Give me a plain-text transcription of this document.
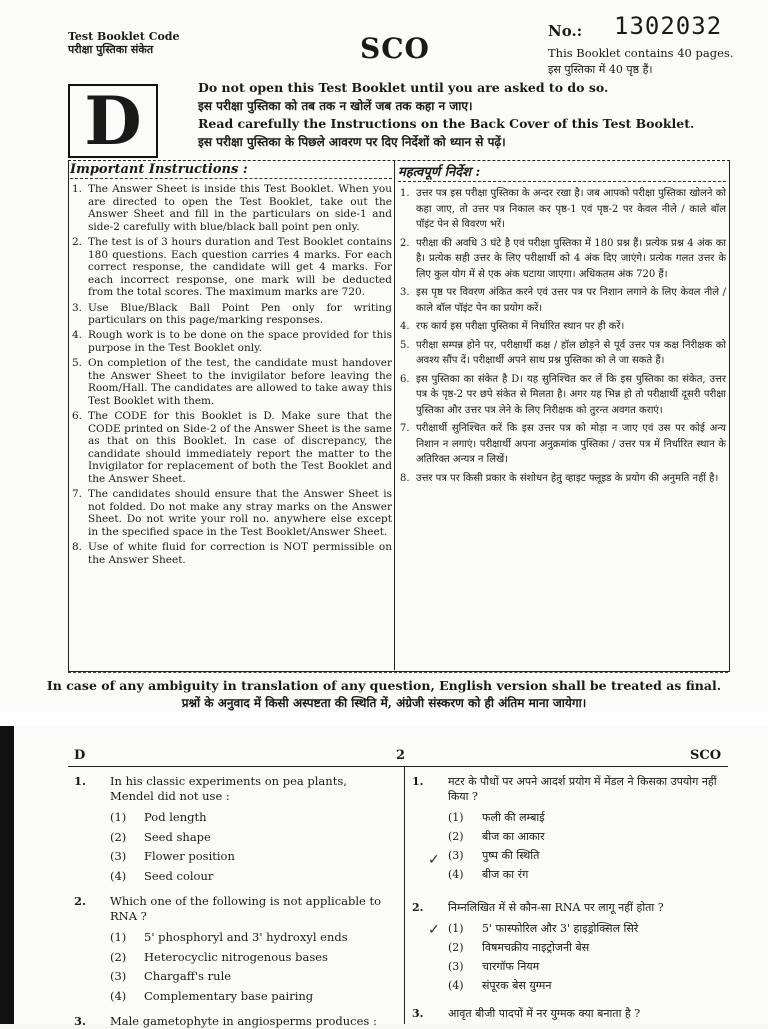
Test Booklet Code
परीक्षा पुस्तिका संकेत	SCO
No.: 1302032
This Booklet contains 40 pages.
इस पुस्तिका में 40 पृष्ठ हैं।
D	Do not open this Test Booklet until you are asked to do so.
इस परीक्षा पुस्तिका को तब तक न खोलें जब तक कहा न जाए।
Read carefully the Instructions on the Back Cover of this Test Booklet.
इस परीक्षा पुस्तिका के पिछले आवरण पर दिए निर्देशों को ध्यान से पढ़ें।
Important Instructions :
1. The Answer Sheet is inside this Test Booklet. When you are directed to open the Test Booklet, take out the Answer Sheet and fill in the particulars on side-1 and side-2 carefully with blue/black ball point pen only.
2. The test is of 3 hours duration and Test Booklet contains 180 questions. Each question carries 4 marks. For each correct response, the candidate will get 4 marks. For each incorrect response, one mark will be deducted from the total scores. The maximum marks are 720.
3. Use Blue/Black Ball Point Pen only for writing particulars on this page/marking responses.
4. Rough work is to be done on the space provided for this purpose in the Test Booklet only.
5. On completion of the test, the candidate must handover the Answer Sheet to the invigilator before leaving the Room/Hall. The candidates are allowed to take away this Test Booklet with them.
6. The CODE for this Booklet is D. Make sure that the CODE printed on Side-2 of the Answer Sheet is the same as that on this Booklet. In case of discrepancy, the candidate should immediately report the matter to the Invigilator for replacement of both the Test Booklet and the Answer Sheet.
7. The candidates should ensure that the Answer Sheet is not folded. Do not make any stray marks on the Answer Sheet. Do not write your roll no. anywhere else except in the specified space in the Test Booklet/Answer Sheet.
8. Use of white fluid for correction is NOT permissible on the Answer Sheet.
महत्वपूर्ण निर्देश :
1. उत्तर पत्र इस परीक्षा पुस्तिका के अन्दर रखा है। जब आपको परीक्षा पुस्तिका खोलने को कहा जाए, तो उत्तर पत्र निकाल कर पृष्ठ-1 एवं पृष्ठ-2 पर केवल नीले / काले बॉल पॉइंट पेन से विवरण भरें।
2. परीक्षा की अवधि 3 घंटे है एवं परीक्षा पुस्तिका में 180 प्रश्न हैं। प्रत्येक प्रश्न 4 अंक का है। प्रत्येक सही उत्तर के लिए परीक्षार्थी को 4 अंक दिए जाएंगे। प्रत्येक गलत उत्तर के लिए कुल योग में से एक अंक घटाया जाएगा। अधिकतम अंक 720 हैं।
3. इस पृष्ठ पर विवरण अंकित करने एवं उत्तर पत्र पर निशान लगाने के लिए केवल नीले / काले बॉल पॉइंट पेन का प्रयोग करें।
4. रफ कार्य इस परीक्षा पुस्तिका में निर्धारित स्थान पर ही करें।
5. परीक्षा सम्पन्न होने पर, परीक्षार्थी कक्ष / हॉल छोड़ने से पूर्व उत्तर पत्र कक्ष निरीक्षक को अवश्य सौंप दें। परीक्षार्थी अपने साथ प्रश्न पुस्तिका को ले जा सकते हैं।
6. इस पुस्तिका का संकेत है D। यह सुनिश्चित कर लें कि इस पुस्तिका का संकेत, उत्तर पत्र के पृष्ठ-2 पर छपे संकेत से मिलता है। अगर यह भिन्न हो तो परीक्षार्थी दूसरी परीक्षा पुस्तिका और उत्तर पत्र लेने के लिए निरीक्षक को तुरन्त अवगत कराएं।
7. परीक्षार्थी सुनिश्चित करें कि इस उत्तर पत्र को मोड़ा न जाए एवं उस पर कोई अन्य निशान न लगाएं। परीक्षार्थी अपना अनुक्रमांक पुस्तिका / उत्तर पत्र में निर्धारित स्थान के अतिरिक्त अन्यत्र न लिखें।
8. उत्तर पत्र पर किसी प्रकार के संशोधन हेतु व्हाइट फ्लूइड के प्रयोग की अनुमति नहीं है।
In case of any ambiguity in translation of any question, English version shall be treated as final.
प्रश्नों के अनुवाद में किसी अस्पष्टता की स्थिति में, अंग्रेजी संस्करण को ही अंतिम माना जायेगा।
D	2	SCO
1. In his classic experiments on pea plants, Mendel did not use :
(1) Pod length
(2) Seed shape
(3) Flower position
(4) Seed colour
2. Which one of the following is not applicable to RNA ?
(1) 5' phosphoryl and 3' hydroxyl ends
(2) Heterocyclic nitrogenous bases
(3) Chargaff's rule
(4) Complementary base pairing
3. Male gametophyte in angiosperms produces :
1. मटर के पौधों पर अपने आदर्श प्रयोग में मेंडल ने किसका उपयोग नहीं किया ?
(1) फली की लम्बाई
(2) बीज का आकार
(3) पुष्प की स्थिति
(4) बीज का रंग
2. निम्नलिखित में से कौन-सा RNA पर लागू नहीं होता ?
(1) 5' फास्फोरिल और 3' हाइड्रोक्सिल सिरे
(2) विषमचक्रीय नाइट्रोजनी बेस
(3) चारगॉफ नियम
(4) संपूरक बेस युग्मन
3. आवृत बीजी पादपों में नर युग्मक क्या बनाता है ?
✓
✓
